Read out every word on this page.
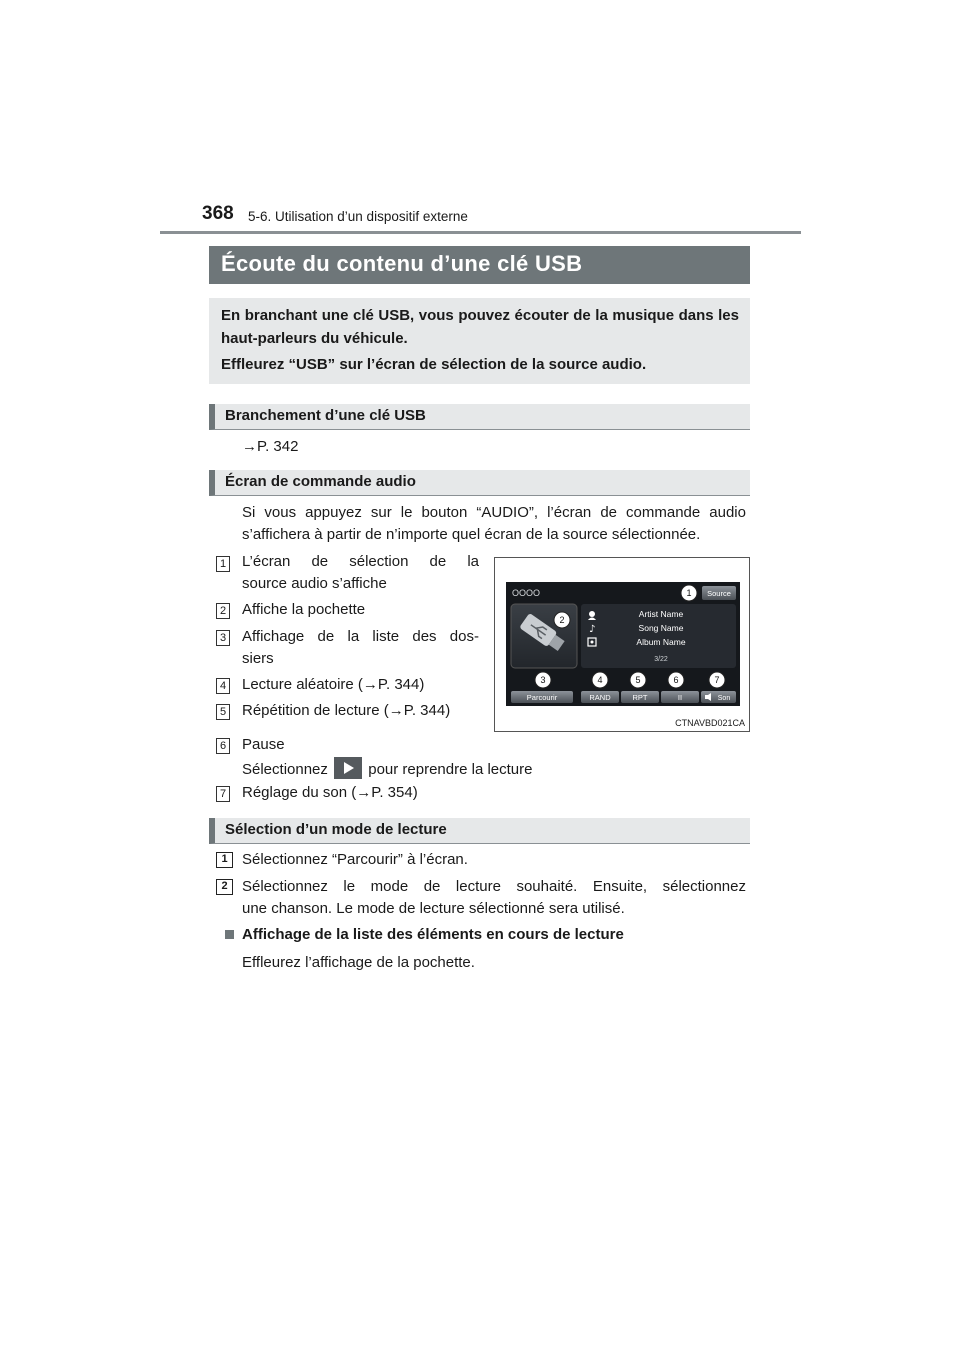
368 5-6. Utilisation d’un dispositif externe
Écoute du contenu d’une clé USB

En branchant une clé USB, vous pouvez écouter de la musique dans les haut-parleurs du véhicule.

Effleurez “USB” sur l’écran de sélection de la source audio.

Branchement d’une clé USB
→P. 342
Écran de commande audio
Si vous appuyez sur le bouton “AUDIO”, l’écran de commande audio s’affichera à partir de n’importe quel écran de la source sélectionnée.
1 L’écran de sélection de la
source audio s’affiche
2 Affiche la pochette
3 Affichage de la liste des dos-
siers
4 Lecture aléatoire (→P. 344)
5 Répétition de lecture (→P. 344)
6 Pause
Sélectionnez  pour reprendre la lecture
7 Réglage du son (→P. 354)
OOOO	Source
Artist Name
♪	Song Name
Album Name
3/22
Parcourir	RAND	RPT	II	Son
1
2
3	4	5	6	7
CTNAVBD021CA
Sélection d’un mode de lecture
1 Sélectionnez “Parcourir” à l’écran.
2 Sélectionnez le mode de lecture souhaité. Ensuite, sélectionnez
une chanson. Le mode de lecture sélectionné sera utilisé.
Affichage de la liste des éléments en cours de lecture
Effleurez l’affichage de la pochette.
